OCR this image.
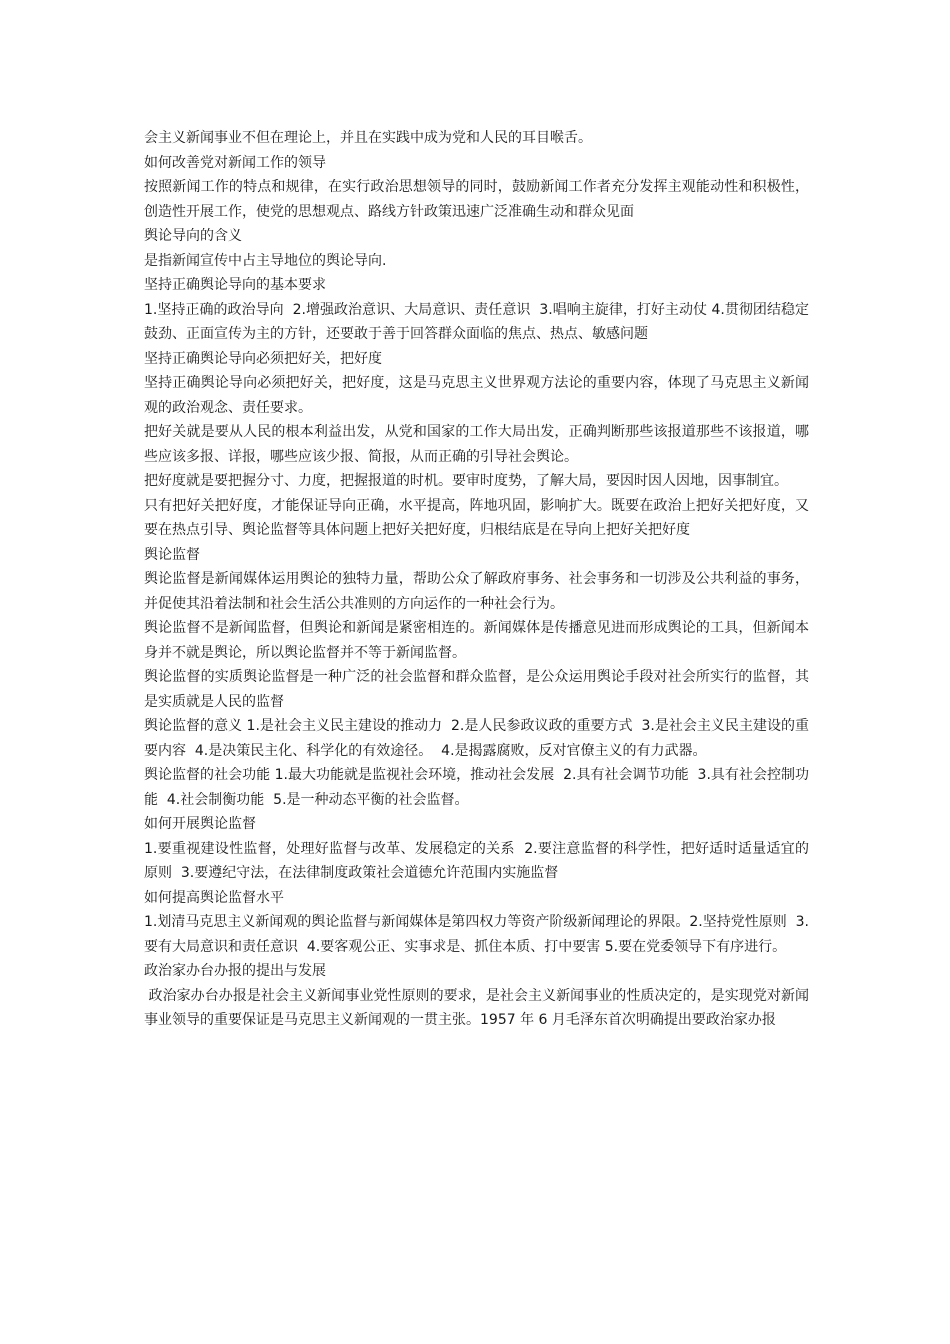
会主义新闻事业不但在理论上，并且在实践中成为党和人民的耳目喉舌。

如何改善党对新闻工作的领导

按照新闻工作的特点和规律，在实行政治思想领导的同时，鼓励新闻工作者充分发挥主观能动性和积极性，创造性开展工作，使党的思想观点、路线方针政策迅速广泛准确生动和群众见面

舆论导向的含义

是指新闻宣传中占主导地位的舆论导向.

坚持正确舆论导向的基本要求

1.坚持正确的政治导向  2.增强政治意识、大局意识、责任意识  3.唱响主旋律，打好主动仗 4.贯彻团结稳定鼓劲、正面宣传为主的方针，还要敢于善于回答群众面临的焦点、热点、敏感问题

坚持正确舆论导向必须把好关，把好度

坚持正确舆论导向必须把好关，把好度，这是马克思主义世界观方法论的重要内容，体现了马克思主义新闻观的政治观念、责任要求。

把好关就是要从人民的根本利益出发，从党和国家的工作大局出发，正确判断那些该报道那些不该报道，哪些应该多报、详报，哪些应该少报、简报，从而正确的引导社会舆论。

把好度就是要把握分寸、力度，把握报道的时机。要审时度势，了解大局，要因时因人因地，因事制宜。

只有把好关把好度，才能保证导向正确，水平提高，阵地巩固，影响扩大。既要在政治上把好关把好度，又要在热点引导、舆论监督等具体问题上把好关把好度，归根结底是在导向上把好关把好度

舆论监督

舆论监督是新闻媒体运用舆论的独特力量，帮助公众了解政府事务、社会事务和一切涉及公共利益的事务，并促使其沿着法制和社会生活公共准则的方向运作的一种社会行为。

舆论监督不是新闻监督，但舆论和新闻是紧密相连的。新闻媒体是传播意见进而形成舆论的工具，但新闻本身并不就是舆论，所以舆论监督并不等于新闻监督。

舆论监督的实质舆论监督是一种广泛的社会监督和群众监督，是公众运用舆论手段对社会所实行的监督，其是实质就是人民的监督

舆论监督的意义 1.是社会主义民主建设的推动力  2.是人民参政议政的重要方式  3.是社会主义民主建设的重要内容  4.是决策民主化、科学化的有效途径。  4.是揭露腐败，反对官僚主义的有力武器。

舆论监督的社会功能 1.最大功能就是监视社会环境，推动社会发展  2.具有社会调节功能  3.具有社会控制功能  4.社会制衡功能  5.是一种动态平衡的社会监督。

如何开展舆论监督

1.要重视建设性监督，处理好监督与改革、发展稳定的关系  2.要注意监督的科学性，把好适时适量适宜的原则  3.要遵纪守法，在法律制度政策社会道德允许范围内实施监督

如何提高舆论监督水平

1.划清马克思主义新闻观的舆论监督与新闻媒体是第四权力等资产阶级新闻理论的界限。2.坚持党性原则  3.要有大局意识和责任意识  4.要客观公正、实事求是、抓住本质、打中要害 5.要在党委领导下有序进行。

政治家办台办报的提出与发展

政治家办台办报是社会主义新闻事业党性原则的要求，是社会主义新闻事业的性质决定的，是实现党对新闻事业领导的重要保证是马克思主义新闻观的一贯主张。1957 年 6 月毛泽东首次明确提出要政治家办报
